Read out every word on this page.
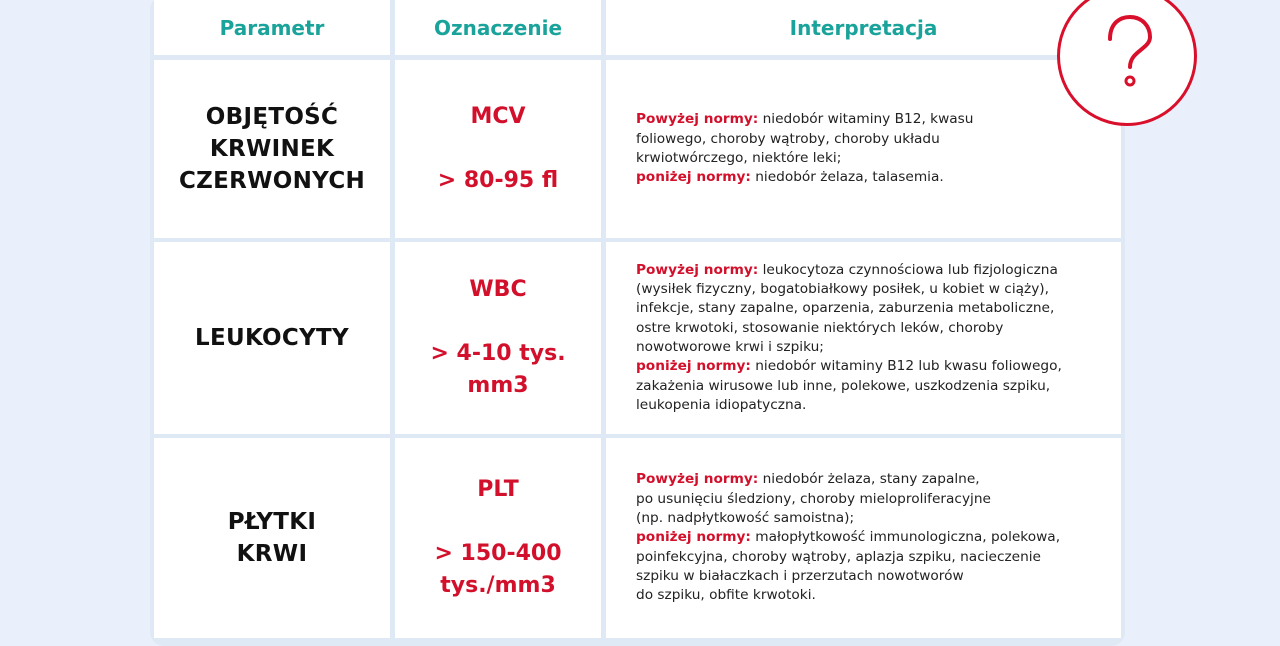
Parametr	Oznaczenie	Interpretacja
OBJĘTOŚĆ
KRWINEK
CZERWONYCH
MCV
> 80-95 fl
Powyżej normy: niedobór witaminy B12, kwasu
foliowego, choroby wątroby, choroby układu
krwiotwórczego, niektóre leki;
poniżej normy: niedobór żelaza, talasemia.
LEUKOCYTY
WBC
> 4-10 tys.
mm3
Powyżej normy: leukocytoza czynnościowa lub fizjologiczna
(wysiłek fizyczny, bogatobiałkowy posiłek, u kobiet w ciąży),
infekcje, stany zapalne, oparzenia, zaburzenia metaboliczne,
ostre krwotoki, stosowanie niektórych leków, choroby
nowotworowe krwi i szpiku;
poniżej normy: niedobór witaminy B12 lub kwasu foliowego,
zakażenia wirusowe lub inne, polekowe, uszkodzenia szpiku,
leukopenia idiopatyczna.
PŁYTKI
KRWI
PLT
> 150-400
tys./mm3
Powyżej normy: niedobór żelaza, stany zapalne,
po usunięciu śledziony, choroby mieloproliferacyjne
(np. nadpłytkowość samoistna);
poniżej normy: małopłytkowość immunologiczna, polekowa,
poinfekcyjna, choroby wątroby, aplazja szpiku, nacieczenie
szpiku w białaczkach i przerzutach nowotworów
do szpiku, obfite krwotoki.
